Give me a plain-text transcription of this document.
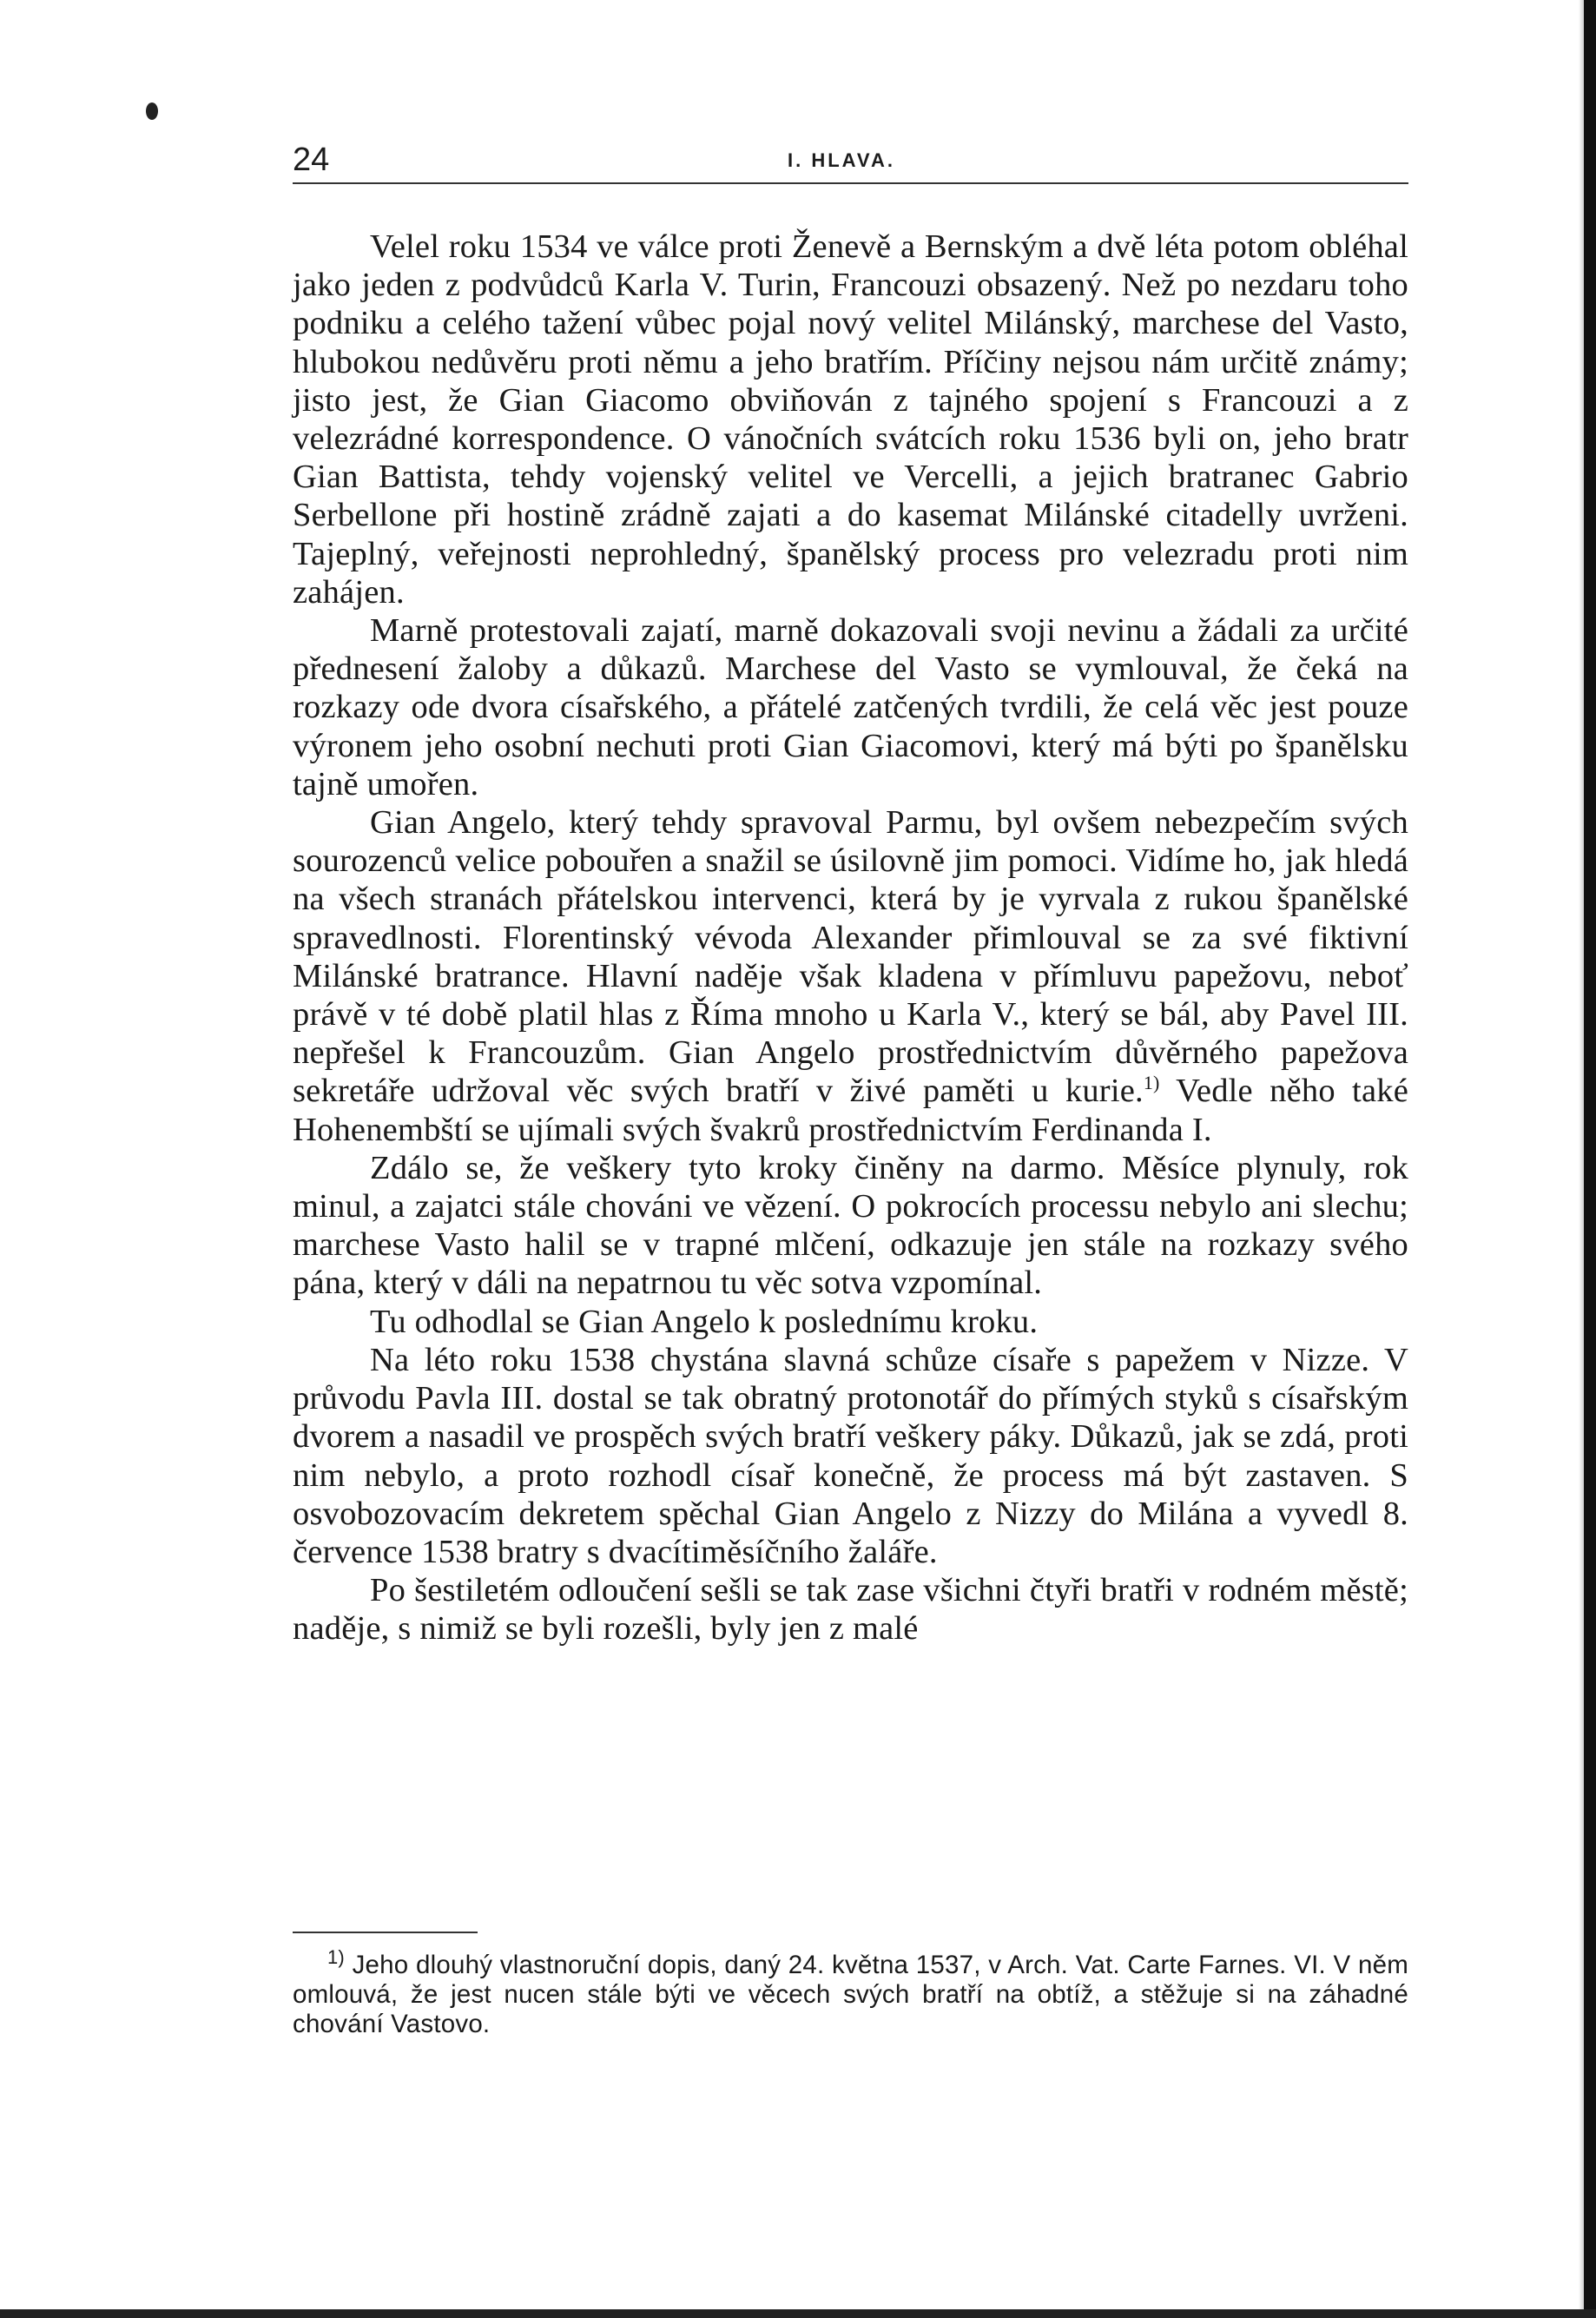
24	I. HLAVA.

Velel roku 1534 ve válce proti Ženevě a Bernským a dvě léta potom obléhal jako jeden z podvůdců Karla V. Turin, Francouzi obsazený. Než po nezdaru toho podniku a celého tažení vůbec pojal nový velitel Milánský, marchese del Vasto, hlubokou nedůvěru proti němu a jeho bratřím. Příčiny nejsou nám určitě známy; jisto jest, že Gian Giacomo obviňován z tajného spojení s Francouzi a z velezrádné korrespondence. O vánočních svátcích roku 1536 byli on, jeho bratr Gian Battista, tehdy vojenský velitel ve Vercelli, a jejich bratranec Gabrio Serbellone při hostině zrádně zajati a do kasemat Milánské citadelly uvrženi. Tajeplný, veřejnosti neprohledný, španělský process pro velezradu proti nim zahájen.

Marně protestovali zajatí, marně dokazovali svoji nevinu a žádali za určité přednesení žaloby a důkazů. Marchese del Vasto se vymlouval, že čeká na rozkazy ode dvora císařského, a přátelé zatčených tvrdili, že celá věc jest pouze výronem jeho osobní nechuti proti Gian Giacomovi, který má býti po španělsku tajně umořen.

Gian Angelo, který tehdy spravoval Parmu, byl ovšem nebezpečím svých sourozenců velice pobouřen a snažil se úsilovně jim pomoci. Vidíme ho, jak hledá na všech stranách přátelskou intervenci, která by je vyrvala z rukou španělské spravedlnosti. Florentinský vévoda Alexander přimlouval se za své fiktivní Milánské bratrance. Hlavní naděje však kladena v přímluvu papežovu, neboť právě v té době platil hlas z Říma mnoho u Karla V., který se bál, aby Pavel III. nepřešel k Francouzům. Gian Angelo prostřednictvím důvěrného papežova sekretáře udržoval věc svých bratří v živé paměti u kurie.$^{1)}$ Vedle něho také Hohenembští se ujímali svých švakrů prostřednictvím Ferdinanda I.

Zdálo se, že veškery tyto kroky činěny na darmo. Měsíce plynuly, rok minul, a zajatci stále chováni ve vězení. O pokrocích processu nebylo ani slechu; marchese Vasto halil se v trapné mlčení, odkazuje jen stále na rozkazy svého pána, který v dáli na nepatrnou tu věc sotva vzpomínal.

Tu odhodlal se Gian Angelo k poslednímu kroku.

Na léto roku 1538 chystána slavná schůze císaře s papežem v Nizze. V průvodu Pavla III. dostal se tak obratný protonotář do přímých styků s císařským dvorem a nasadil ve prospěch svých bratří veškery páky. Důkazů, jak se zdá, proti nim nebylo, a proto rozhodl císař konečně, že process má být zastaven. S osvobozovacím dekretem spěchal Gian Angelo z Nizzy do Milána a vyvedl 8. července 1538 bratry s dvacítiměsíčního žaláře.

Po šestiletém odloučení sešli se tak zase všichni čtyři bratři v rodném městě; naděje, s nimiž se byli rozešli, byly jen z malé

$^{1)}$ Jeho dlouhý vlastnoruční dopis, daný 24. května 1537, v Arch. Vat. Carte Farnes. VI. V něm omlouvá, že jest nucen stále býti ve věcech svých bratří na obtíž, a stěžuje si na záhadné chování Vastovo.
